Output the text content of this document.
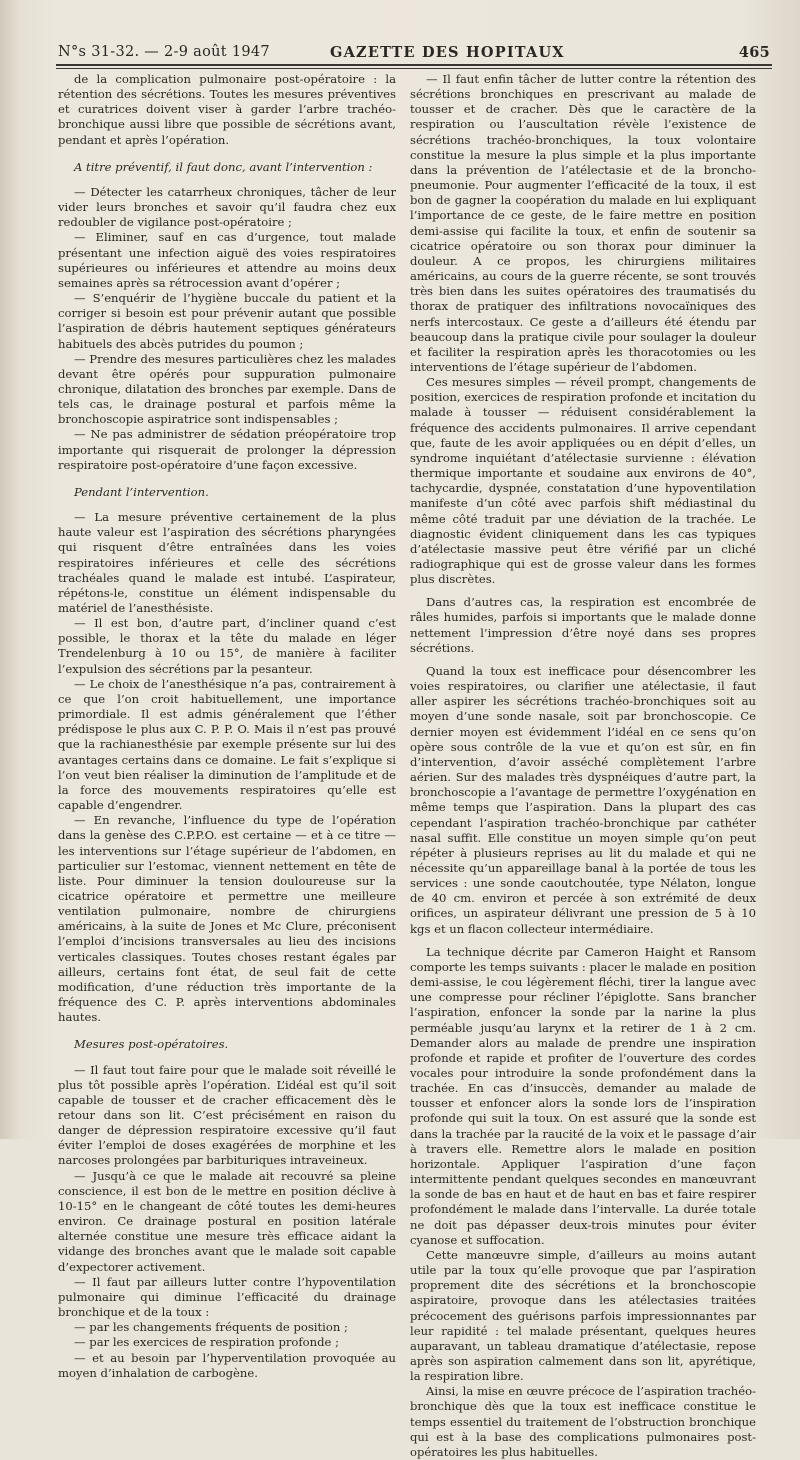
N°s 31-32. — 2-9 août 1947	GAZETTE DES HOPITAUX	465

de la complication pulmonaire post-opératoire : la rétention des sécrétions. Toutes les mesures préventives et curatrices doivent viser à garder l’arbre trachéo-bronchique aussi libre que possible de sécrétions avant, pendant et après l’opération.

A titre préventif, il faut donc, avant l’intervention :

— Détecter les catarrheux chroniques, tâcher de leur vider leurs bronches et savoir qu’il faudra chez eux redoubler de vigilance post-opératoire ;

— Eliminer, sauf en cas d’urgence, tout malade présentant une infection aiguë des voies respiratoires supérieures ou inférieures et attendre au moins deux semaines après sa rétrocession avant d’opérer ;

— S’enquérir de l’hygiène buccale du patient et la corriger si besoin est pour prévenir autant que possible l’aspiration de débris hautement septiques générateurs habituels des abcès putrides du poumon ;

— Prendre des mesures particulières chez les malades devant être opérés pour suppuration pulmonaire chronique, dilatation des bronches par exemple. Dans de tels cas, le drainage postural et parfois même la bronchoscopie aspiratrice sont indispensables ;

— Ne pas administrer de sédation préopératoire trop importante qui risquerait de prolonger la dépression respiratoire post-opératoire d’une façon excessive.

Pendant l’intervention.

— La mesure préventive certainement de la plus haute valeur est l’aspiration des sécrétions pharyngées qui risquent d’être entraînées dans les voies respiratoires inférieures et celle des sécrétions trachéales quand le malade est intubé. L’aspirateur, répétons-le, constitue un élément indispensable du matériel de l’anesthésiste.

— Il est bon, d’autre part, d’incliner quand c’est possible, le thorax et la tête du malade en léger Trendelenburg à 10 ou 15°, de manière à faciliter l’expulsion des sécrétions par la pesanteur.

— Le choix de l’anesthésique n’a pas, contrairement à ce que l’on croit habituellement, une importance primordiale. Il est admis généralement que l’éther prédispose le plus aux C. P. P. O. Mais il n’est pas prouvé que la rachianesthésie par exemple présente sur lui des avantages certains dans ce domaine. Le fait s’explique si l’on veut bien réaliser la diminution de l’amplitude et de la force des mouvements respiratoires qu’elle est capable d’engendrer.

— En revanche, l’influence du type de l’opération dans la genèse des C.P.P.O. est certaine — et à ce titre — les interventions sur l’étage supérieur de l’abdomen, en particulier sur l’estomac, viennent nettement en tête de liste. Pour diminuer la tension douloureuse sur la cicatrice opératoire et permettre une meilleure ventilation pulmonaire, nombre de chirurgiens américains, à la suite de Jones et Mc Clure, préconisent l’emploi d’incisions transversales au lieu des incisions verticales classiques. Toutes choses restant égales par ailleurs, certains font état, de seul fait de cette modification, d’une réduction très importante de la fréquence des C. P. après interventions abdominales hautes.

Mesures post-opératoires.

— Il faut tout faire pour que le malade soit réveillé le plus tôt possible après l’opération. L’idéal est qu’il soit capable de tousser et de cracher efficacement dès le retour dans son lit. C’est précisément en raison du danger de dépression respiratoire excessive qu’il faut éviter l’emploi de doses exagérées de morphine et les narcoses prolongées par barbituriques intraveineux.

— Jusqu’à ce que le malade ait recouvré sa pleine conscience, il est bon de le mettre en position déclive à 10-15° en le changeant de côté toutes les demi-heures environ. Ce drainage postural en position latérale alternée constitue une mesure très efficace aidant la vidange des bronches avant que le malade soit capable d’expectorer activement.

— Il faut par ailleurs lutter contre l’hypoventilation pulmonaire qui diminue l’efficacité du drainage bronchique et de la toux :

— par les changements fréquents de position ;

— par les exercices de respiration profonde ;

— et au besoin par l’hyperventilation provoquée au moyen d’inhalation de carbogène.

— Il faut enfin tâcher de lutter contre la rétention des sécrétions bronchiques en prescrivant au malade de tousser et de cracher. Dès que le caractère de la respiration ou l’auscultation révèle l’existence de sécrétions trachéo-bronchiques, la toux volontaire constitue la mesure la plus simple et la plus importante dans la prévention de l’atélectasie et de la broncho-pneumonie. Pour augmenter l’efficacité de la toux, il est bon de gagner la coopération du malade en lui expliquant l’importance de ce geste, de le faire mettre en position demi-assise qui facilite la toux, et enfin de soutenir sa cicatrice opératoire ou son thorax pour diminuer la douleur. A ce propos, les chirurgiens militaires américains, au cours de la guerre récente, se sont trouvés très bien dans les suites opératoires des traumatisés du thorax de pratiquer des infiltrations novocaïniques des nerfs intercostaux. Ce geste a d’ailleurs été étendu par beaucoup dans la pratique civile pour soulager la douleur et faciliter la respiration après les thoracotomies ou les interventions de l’étage supérieur de l’abdomen.

Ces mesures simples — réveil prompt, changements de position, exercices de respiration profonde et incitation du malade à tousser — réduisent considérablement la fréquence des accidents pulmonaires. Il arrive cependant que, faute de les avoir appliquées ou en dépit d’elles, un syndrome inquiétant d’atélectasie survienne : élévation thermique importante et soudaine aux environs de 40°, tachycardie, dyspnée, constatation d’une hypoventilation manifeste d’un côté avec parfois shift médiastinal du même côté traduit par une déviation de la trachée. Le diagnostic évident cliniquement dans les cas typiques d’atélectasie massive peut être vérifié par un cliché radiographique qui est de grosse valeur dans les formes plus discrètes.

Dans d’autres cas, la respiration est encombrée de râles humides, parfois si importants que le malade donne nettement l’impression d’être noyé dans ses propres sécrétions.

Quand la toux est inefficace pour désencombrer les voies respiratoires, ou clarifier une atélectasie, il faut aller aspirer les sécrétions trachéo-bronchiques soit au moyen d’une sonde nasale, soit par bronchoscopie. Ce dernier moyen est évidemment l’idéal en ce sens qu’on opère sous contrôle de la vue et qu’on est sûr, en fin d’intervention, d’avoir asséché complètement l’arbre aérien. Sur des malades très dyspnéiques d’autre part, la bronchoscopie a l’avantage de permettre l’oxygénation en même temps que l’aspiration. Dans la plupart des cas cependant l’aspiration trachéo-bronchique par cathéter nasal suffit. Elle constitue un moyen simple qu’on peut répéter à plusieurs reprises au lit du malade et qui ne nécessite qu’un appareillage banal à la portée de tous les services : une sonde caoutchoutée, type Nélaton, longue de 40 cm. environ et percée à son extrémité de deux orifices, un aspirateur délivrant une pression de 5 à 10 kgs et un flacon collecteur intermédiaire.

La technique décrite par Cameron Haight et Ransom comporte les temps suivants : placer le malade en position demi-assise, le cou légèrement fléchi, tirer la langue avec une compresse pour récliner l’épiglotte. Sans brancher l’aspiration, enfoncer la sonde par la narine la plus perméable jusqu’au larynx et la retirer de 1 à 2 cm. Demander alors au malade de prendre une inspiration profonde et rapide et profiter de l’ouverture des cordes vocales pour introduire la sonde profondément dans la trachée. En cas d’insuccès, demander au malade de tousser et enfoncer alors la sonde lors de l’inspiration profonde qui suit la toux. On est assuré que la sonde est dans la trachée par la raucité de la voix et le passage d’air à travers elle. Remettre alors le malade en position horizontale. Appliquer l’aspiration d’une façon intermittente pendant quelques secondes en manœuvrant la sonde de bas en haut et de haut en bas et faire respirer profondément le malade dans l’intervalle. La durée totale ne doit pas dépasser deux-trois minutes pour éviter cyanose et suffocation.

Cette manœuvre simple, d’ailleurs au moins autant utile par la toux qu’elle provoque que par l’aspiration proprement dite des sécrétions et la bronchoscopie aspiratoire, provoque dans les atélectasies traitées précocement des guérisons parfois impressionnantes par leur rapidité : tel malade présentant, quelques heures auparavant, un tableau dramatique d’atélectasie, repose après son aspiration calmement dans son lit, apyrétique, la respiration libre.

Ainsi, la mise en œuvre précoce de l’aspiration trachéo-bronchique dès que la toux est inefficace constitue le temps essentiel du traitement de l’obstruction bronchique qui est à la base des complications pulmonaires post-opératoires les plus habituelles.
